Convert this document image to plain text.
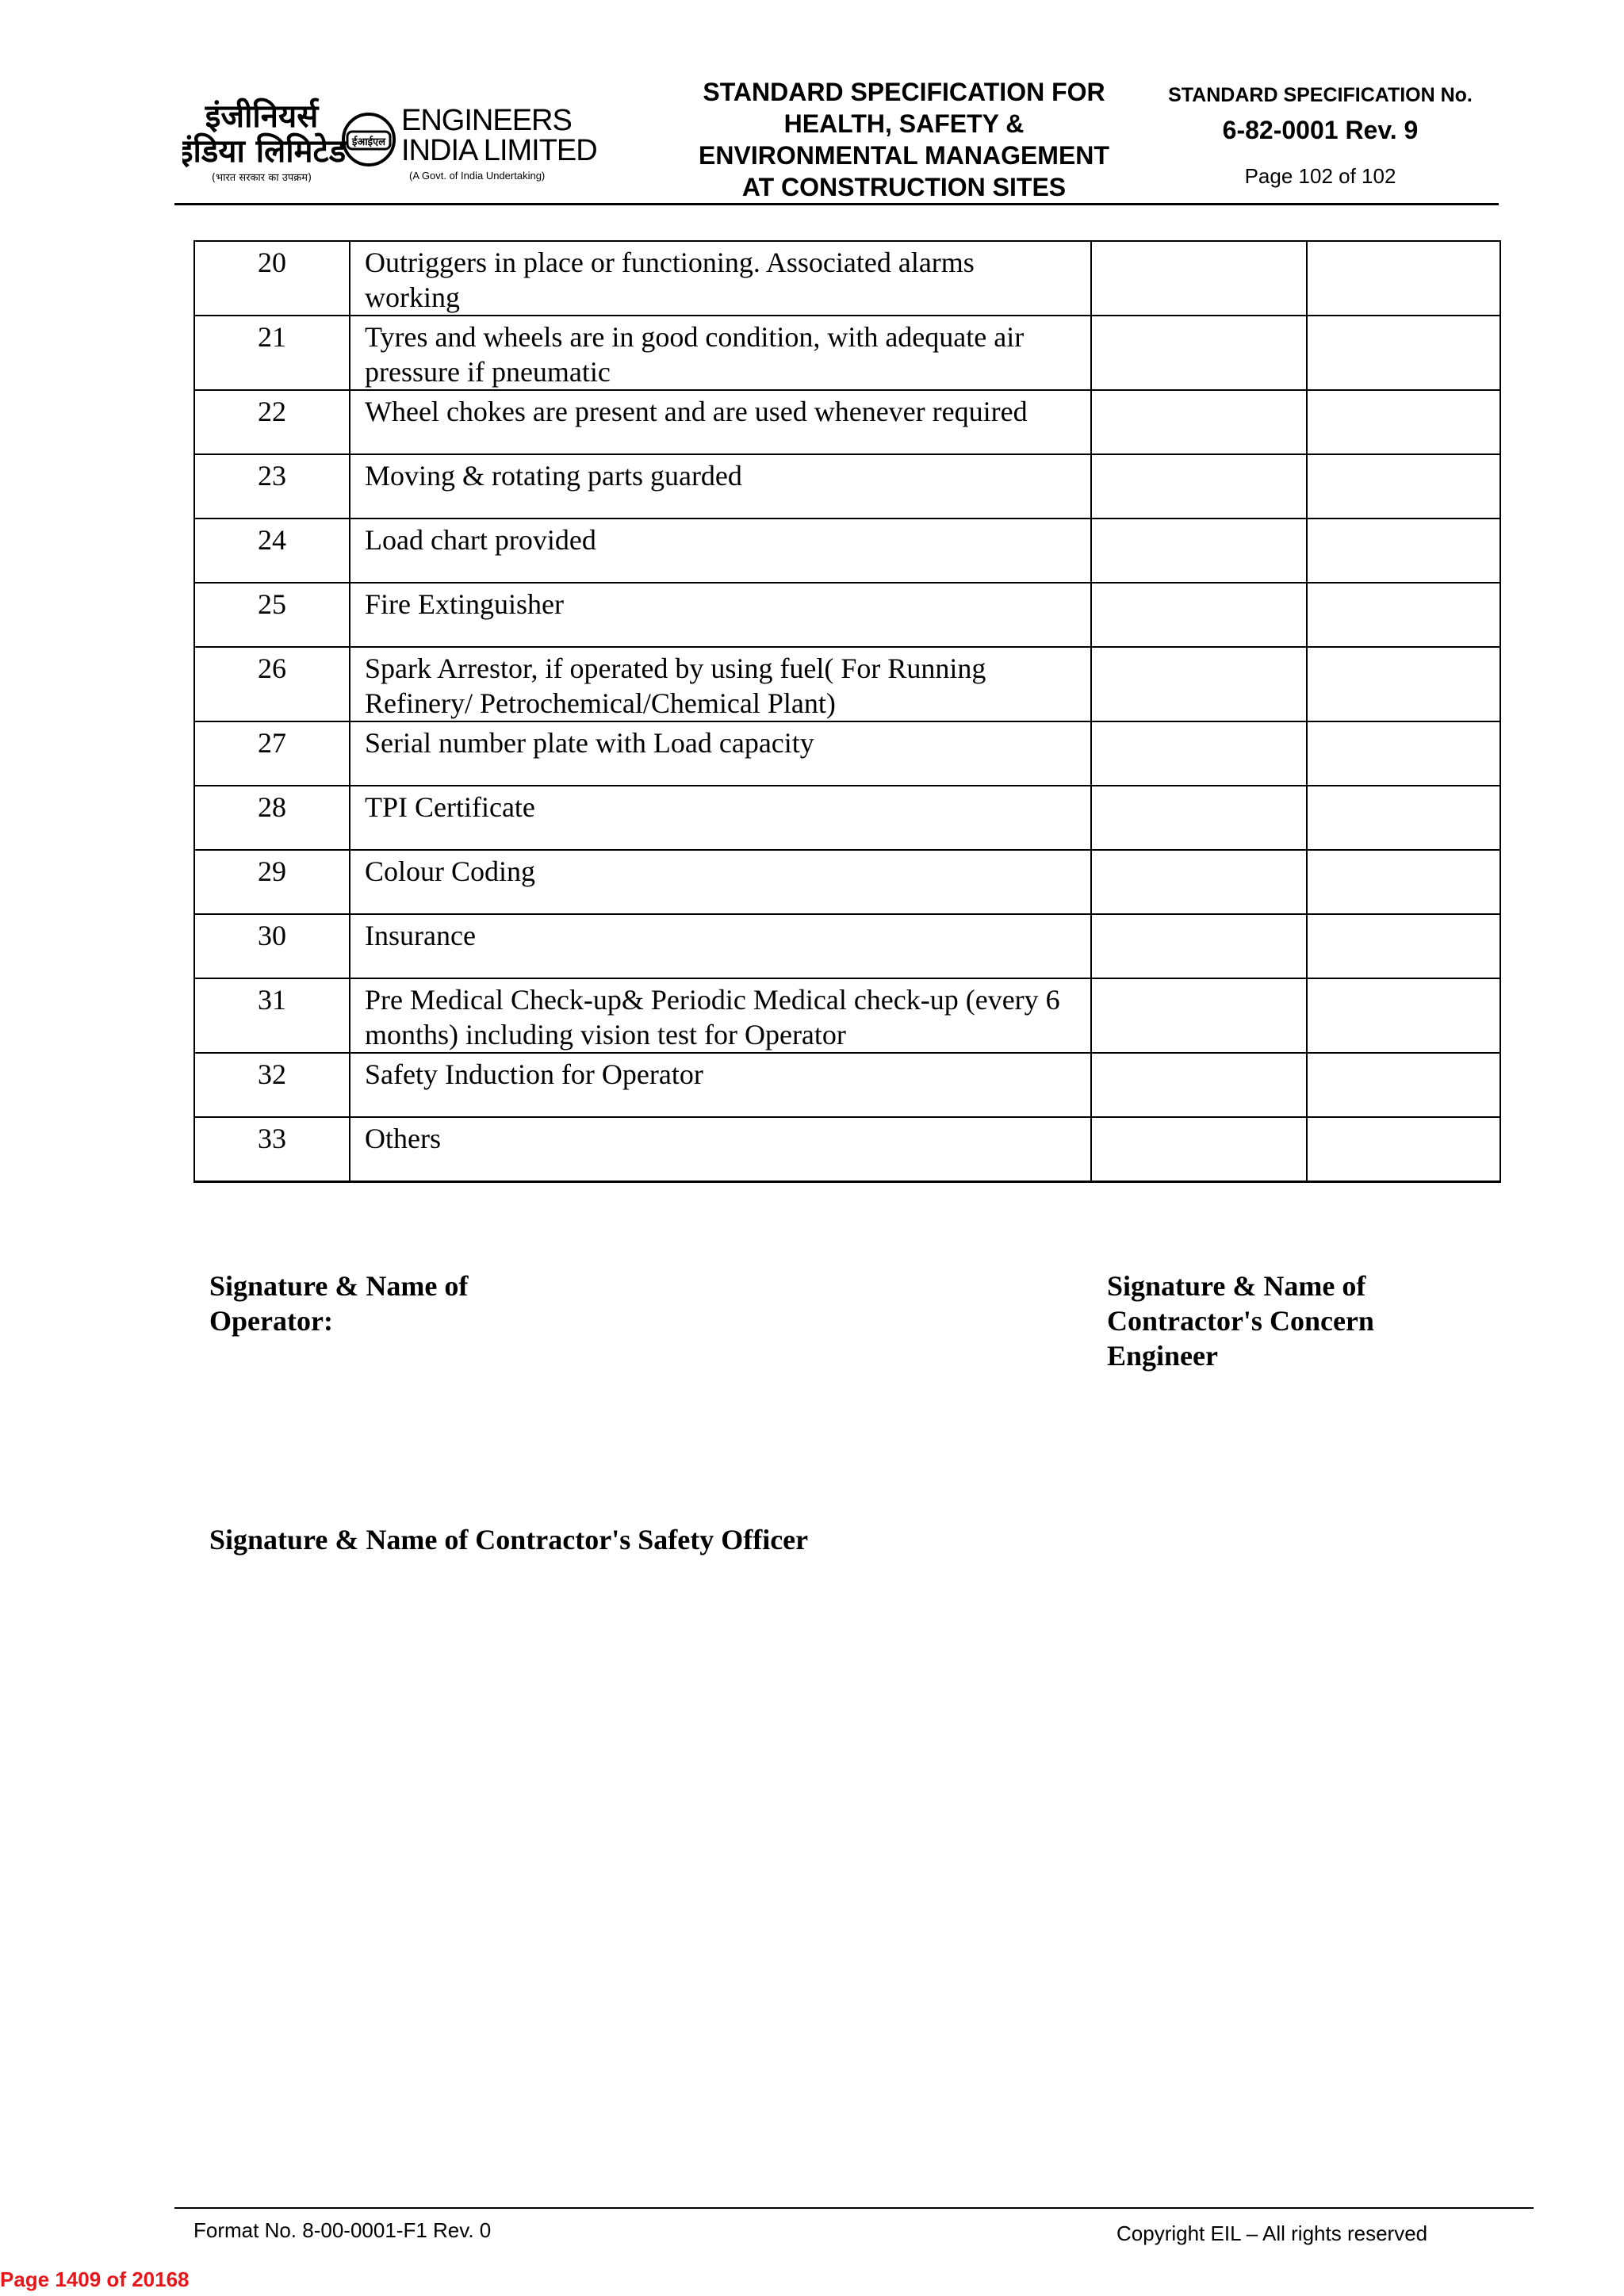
इंजीनियर्स
इंडिया लिमिटेड
(भारत सरकार का उपक्रम)
ईआईएल
ENGINEERS
INDIA LIMITED
(A Govt. of India Undertaking)
STANDARD SPECIFICATION FOR
HEALTH, SAFETY &
ENVIRONMENTAL MANAGEMENT
AT CONSTRUCTION SITES
STANDARD SPECIFICATION No.
6-82-0001 Rev. 9
Page 102 of 102
20	Outriggers in place or functioning. Associated alarms working		
21	Tyres and wheels are in good condition, with adequate air pressure if pneumatic		
22	Wheel chokes are present and are used whenever required		
23	Moving & rotating parts guarded		
24	Load chart provided		
25	Fire Extinguisher		
26	Spark Arrestor, if operated by using fuel( For Running Refinery/ Petrochemical/Chemical Plant)		
27	Serial number plate with Load capacity		
28	TPI Certificate		
29	Colour Coding		
30	Insurance		
31	Pre Medical Check-up& Periodic Medical check-up (every 6 months) including vision test for Operator		
32	Safety Induction for Operator		
33	Others		
Signature & Name of Operator:
Signature & Name of Contractor's Concern Engineer
Signature & Name of Contractor's Safety Officer
Format No. 8-00-0001-F1 Rev. 0	Copyright EIL – All rights reserved
Page 1409 of 20168
